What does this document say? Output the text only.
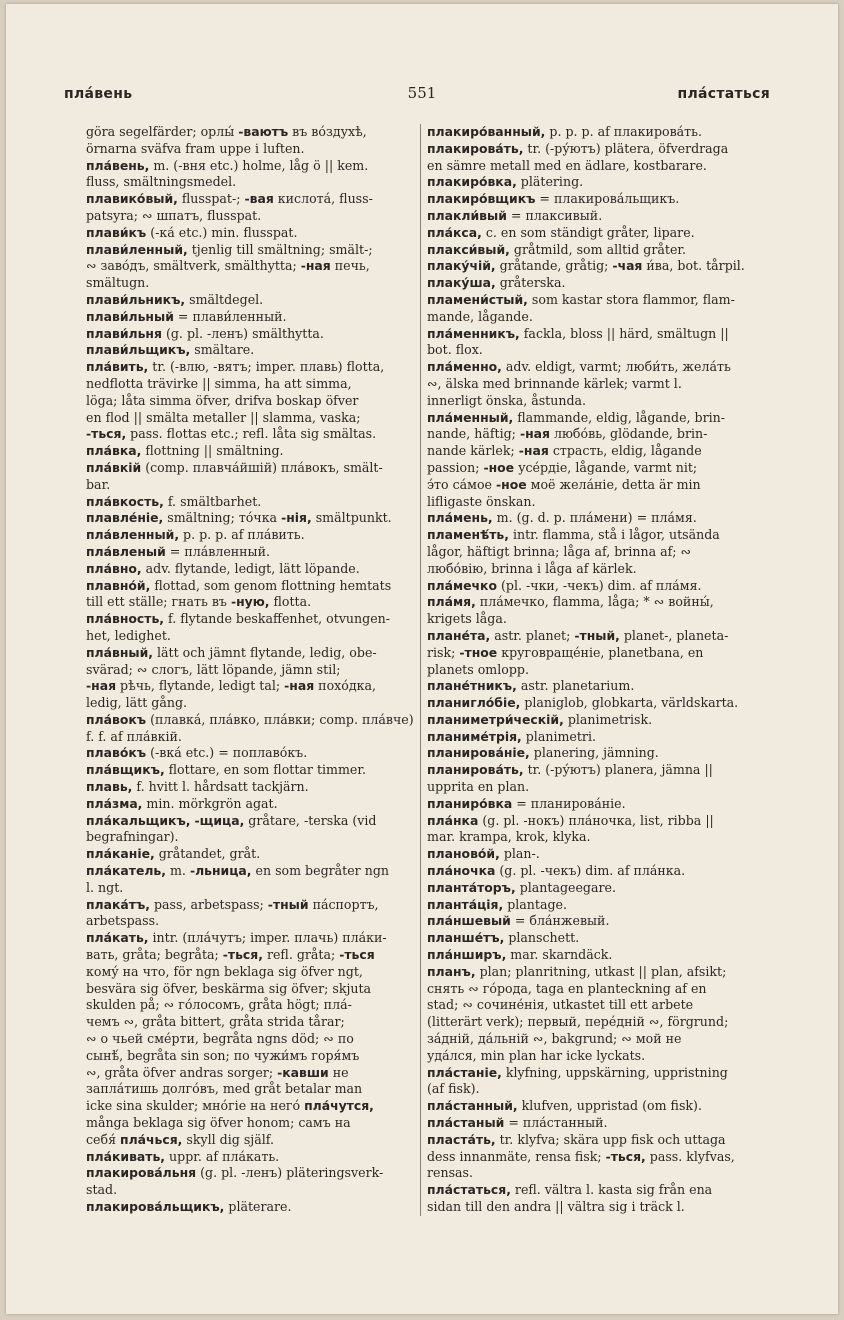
пла́вень	551	пла́статься
göra segelfärder; орлы́ -ваютъ въ во́здухѣ,
örnarna sväfva fram uppe i luften.
пла́вень, m. (-вня etc.) holme, låg ö || kem.
fluss, smältningsmedel.
плавико́вый, flusspat-; -вая кислота́, fluss-
patsyra; ∾ шпатъ, flusspat.
плави́къ (-ка́ etc.) min. flusspat.
плави́ленный, tjenlig till smältning; smält-;
∾ заво́дъ, smältverk, smälthytta; -ная печь,
smältugn.
плави́льникъ, smältdegel.
плави́льный = плави́ленный.
плави́льня (g. pl. -ленъ) smälthytta.
плави́льщикъ, smältare.
пла́вить, tr. (-влю, -вятъ; imper. плавь) flotta,
nedflotta trävirke || simma, ha att simma,
löga; låta simma öfver, drifva boskap öfver
en flod || smälta metaller || slamma, vaska;
-ться, pass. flottas etc.; refl. låta sig smältas.
пла́вка, flottning || smältning.
пла́вкій (comp. плавча́йшій) пла́вокъ, smält-
bar.
пла́вкость, f. smältbarhet.
плавле́ніе, smältning; то́чка -нія, smältpunkt.
пла́вленный, p. p. p. af пла́вить.
пла́вленый = пла́вленный.
пла́вно, adv. flytande, ledigt, lätt löpande.
плавно́й, flottad, som genom flottning hemtats
till ett ställe; гнать въ -ную, flotta.
пла́вность, f. flytande beskaffenhet, otvungen-
het, ledighet.
пла́вный, lätt och jämnt flytande, ledig, obe-
svärad; ∾ слогъ, lätt löpande, jämn stil;
-ная рѣчь, flytande, ledigt tal; -ная похо́дка,
ledig, lätt gång.
пла́вокъ (плавка́, пла́вко, пла́вки; comp. пла́вче)
f. f. af пла́вкій.
плаво́къ (-вка́ etc.) = поплаво́къ.
пла́вщикъ, flottare, en som flottar timmer.
плавь, f. hvitt l. hårdsatt tackjärn.
пла́зма, min. mörkgrön agat.
пла́кальщикъ, -щица, gråtare, -terska (vid
begrafningar).
пла́каніе, gråtandet, gråt.
пла́катель, m. -льница, en som begråter ngn
l. ngt.
плака́тъ, pass, arbetspass; -тный па́спортъ,
arbetspass.
пла́кать, intr. (пла́чутъ; imper. плачь) пла́ки-
вать, gråta; begråta; -ться, refl. gråta; -ться
кому́ на что, för ngn beklaga sig öfver ngt,
besvära sig öfver, beskärma sig öfver; skjuta
skulden på; ∾ го́лосомъ, gråta högt; пла́-
чемъ ∾, gråta bittert, gråta strida tårar;
∾ о чьей сме́рти, begråta ngns död; ∾ по
сынѣ́, begråta sin son; по чужи́мъ горя́мъ
∾, gråta öfver andras sorger; -кавши не
запла́тишь долго́въ, med gråt betalar man
icke sina skulder; мно́гіе на него́ пла́чутся,
många beklaga sig öfver honom; самъ на
себя́ пла́чься, skyll dig själf.
пла́кивать, uppr. af пла́кать.
плакирова́льня (g. pl. -ленъ) pläteringsverk-
stad.
плакирова́льщикъ, pläterare.
плакиро́ванный, p. p. p. af плакирова́ть.
плакирова́ть, tr. (-ру́ютъ) plätera, öfverdraga
en sämre metall med en ädlare, kostbarare.
плакиро́вка, plätering.
плакиро́вщикъ = плакирова́льщикъ.
плакли́вый = плаксивый.
пла́кса, c. en som ständigt gråter, lipare.
плакси́вый, gråtmild, som alltid gråter.
плаку́чій, gråtande, gråtig; -чая и́ва, bot. tårpil.
плаку́ша, gråterska.
пламени́стый, som kastar stora flammor, flam-
mande, lågande.
пла́менникъ, fackla, bloss || härd, smältugn ||
bot. flox.
пла́менно, adv. eldigt, varmt; люби́ть, жела́ть
∾, älska med brinnande kärlek; varmt l.
innerligt önska, åstunda.
пла́менный, flammande, eldig, lågande, brin-
nande, häftig; -ная любо́вь, glödande, brin-
nande kärlek; -ная страсть, eldig, lågande
passion; -ное усе́рдіе, lågande, varmt nit;
э́то са́мое -ное моё жела́ніе, detta är min
lifligaste önskan.
пла́мень, m. (g. d. p. пла́мени) = пла́мя.
пламенѣ́ть, intr. flamma, stå i lågor, utsända
lågor, häftigt brinna; låga af, brinna af; ∾
любо́вію, brinna i låga af kärlek.
пла́мечко (pl. -чки, -чекъ) dim. af пла́мя.
пла́мя, пла́мечко, flamma, låga; * ∾ войны́,
krigets låga.
плане́та, astr. planet; -тный, planet-, planeta-
risk; -тное круговраще́ніе, planetbana, en
planets omlopp.
плане́тникъ, astr. planetarium.
планигло́біе, planiglob, globkarta, världskarta.
планиметри́ческій, planimetrisk.
планиме́трія, planimetri.
планирова́ніе, planering, jämning.
планирова́ть, tr. (-ру́ютъ) planera, jämna ||
upprita en plan.
планиро́вка = планирова́ніе.
пла́нка (g. pl. -нокъ) пла́ночка, list, ribba ||
mar. krampa, krok, klyka.
планово́й, plan-.
пла́ночка (g. pl. -чекъ) dim. af пла́нка.
планта́торъ, plantageegare.
планта́ція, plantage.
пла́ншевый = бла́нжевый.
планше́тъ, planschett.
пла́нширъ, mar. skarndäck.
планъ, plan; planritning, utkast || plan, afsikt;
снять ∾ го́рода, taga en planteckning af en
stad; ∾ сочине́нія, utkastet till ett arbete
(litterärt verk); первый, пере́дній ∾, förgrund;
за́дній, да́льній ∾, bakgrund; ∾ мой не
уда́лся, min plan har icke lyckats.
пла́станіе, klyfning, uppskärning, uppristning
(af fisk).
пла́станный, klufven, uppristad (om fisk).
пла́станый = пла́станный.
пласта́ть, tr. klyfva; skära upp fisk och uttaga
dess innanmäte, rensa fisk; -ться, pass. klyfvas,
rensas.
пла́статься, refl. vältra l. kasta sig från ena
sidan till den andra || vältra sig i träck l.
